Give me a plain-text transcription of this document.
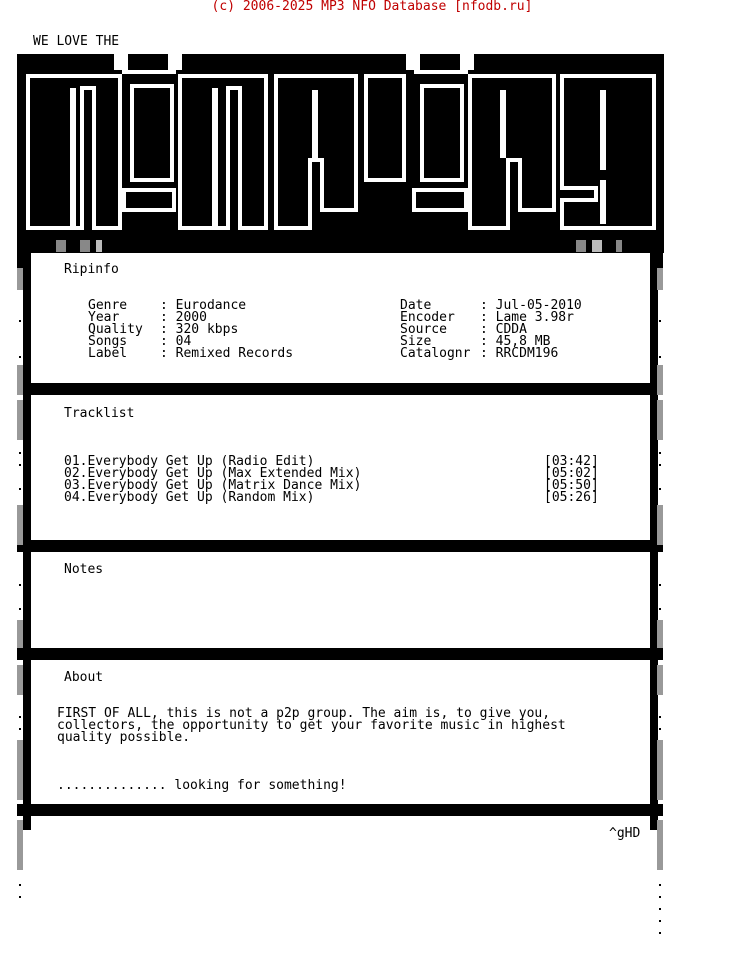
(c) 2006-2025 MP3 NFO Database [nfodb.ru]
WE LOVE THE
Ripinfo
Tracklist
Notes
About
FIRST OF ALL, this is not a p2p group. The aim is, to give you,
collectors, the opportunity to get your favorite music in highest
quality possible.
.............. looking for something!
^gHD
Genre	: Eurodance
Year	: 2000
Quality : 320 kbps
Songs	: 04
Label	: Remixed Records
Date	: Jul-05-2010
Encoder : Lame 3.98r
Source	: CDDA
Size	: 45,8 MB
Catalognr : RRCDM196
01.Everybody Get Up (Radio Edit)	[03:42]
02.Everybody Get Up (Max Extended Mix)	[05:02]
03.Everybody Get Up (Matrix Dance Mix)	[05:50]
04.Everybody Get Up (Random Mix)	[05:26]
